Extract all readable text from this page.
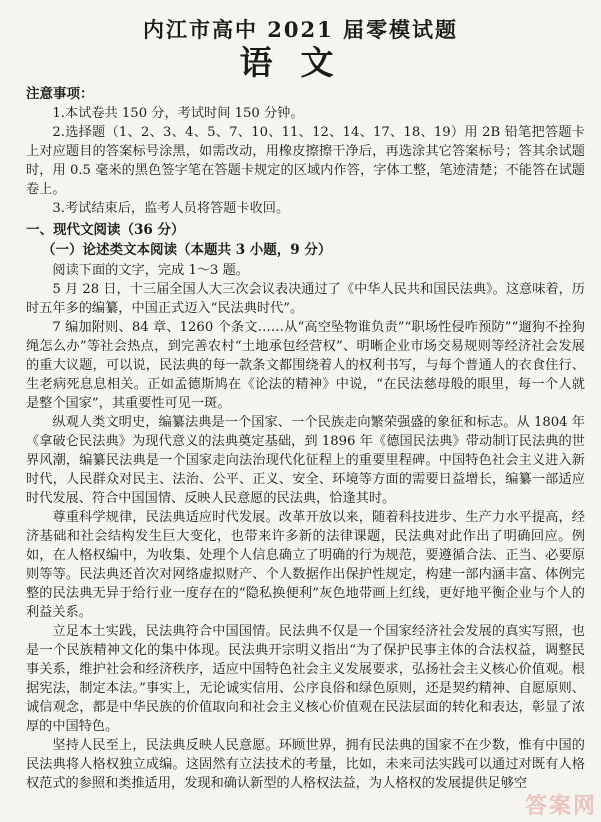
内江市高中 2021 届零模试题
语文
注意事项：

1.本试卷共 150 分，考试时间 150 分钟。

2.选择题（1、2、3、4、5、7、10、11、12、14、17、18、19）用 2B 铅笔把答题卡上对应题目的答案标号涂黑，如需改动，用橡皮擦擦干净后，再选涂其它答案标号；答其余试题时，用 0.5 毫米的黑色签字笔在答题卡规定的区域内作答，字体工整，笔迹清楚；不能答在试题卷上。

3.考试结束后，监考人员将答题卡收回。

一、现代文阅读（36 分）
（一）论述类文本阅读（本题共 3 小题，9 分）

阅读下面的文字，完成 1～3 题。

5 月 28 日，十三届全国人大三次会议表决通过了《中华人民共和国民法典》。这意味着，历时五年多的编纂，中国正式迈入“民法典时代”。

7 编加附则、84 章、1260 个条文……从“高空坠物谁负责”“职场性侵咋预防”“遛狗不拴狗绳怎么办”等社会热点，到完善农村“土地承包经营权”、明晰企业市场交易规则等经济社会发展的重大议题，可以说，民法典的每一款条文都围绕着人的权利书写，与每个普通人的衣食住行、生老病死息息相关。正如孟德斯鸠在《论法的精神》中说，“在民法慈母般的眼里，每一个人就是整个国家”，其重要性可见一斑。

纵观人类文明史，编纂法典是一个国家、一个民族走向繁荣强盛的象征和标志。从 1804 年《拿破仑民法典》为现代意义的法典奠定基础，到 1896 年《德国民法典》带动制订民法典的世界风潮，编纂民法典是一个国家走向法治现代化征程上的重要里程碑。中国特色社会主义进入新时代，人民群众对民主、法治、公平、正义、安全、环境等方面的需要日益增长，编纂一部适应时代发展、符合中国国情、反映人民意愿的民法典，恰逢其时。

尊重科学规律，民法典适应时代发展。改革开放以来，随着科技进步、生产力水平提高，经济基础和社会结构发生巨大变化，也带来许多新的法律课题，民法典对此作出了明确回应。例如，在人格权编中，为收集、处理个人信息确立了明确的行为规范，要遵循合法、正当、必要原则等等。民法典还首次对网络虚拟财产、个人数据作出保护性规定，构建一部内涵丰富、体例完整的民法典无异于给行业一度存在的“隐私换便利”灰色地带画上红线，更好地平衡企业与个人的利益关系。

立足本土实践，民法典符合中国国情。民法典不仅是一个国家经济社会发展的真实写照，也是一个民族精神文化的集中体现。民法典开宗明义指出“为了保护民事主体的合法权益，调整民事关系，维护社会和经济秩序，适应中国特色社会主义发展要求，弘扬社会主义核心价值观。根据宪法，制定本法。”事实上，无论诚实信用、公序良俗和绿色原则，还是契约精神、自愿原则、诚信观念，都是中华民族的价值取向和社会主义核心价值观在民法层面的转化和表达，彰显了浓厚的中国特色。

坚持人民至上，民法典反映人民意愿。环顾世界，拥有民法典的国家不在少数，惟有中国的民法典将人格权独立成编。这固然有立法技术的考量，比如，未来司法实践可以通过对既有人格权范式的参照和类推适用，发现和确认新型的人格权法益，为人格权的发展提供足够空

答案网
